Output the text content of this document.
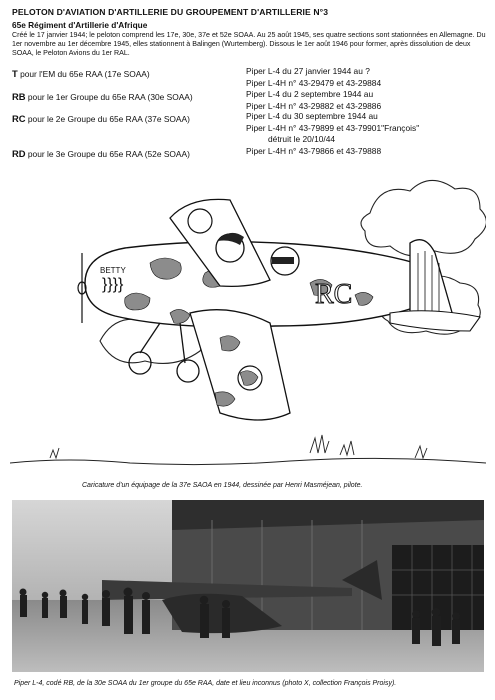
PELOTON D'AVIATION D'ARTILLERIE DU GROUPEMENT D'ARTILLERIE N°3
65e Régiment d'Artillerie d'Afrique
Créé le 17 janvier 1944; le peloton comprend les 17e, 30e, 37e et 52e SOAA. Au 25 août 1945, ses quatre sections sont stationnées en Allemagne. Du 1er novembre au 1er décembre 1945, elles stationnent à Balingen (Wurtemberg). Dissous le 1er août 1946 pour former, après dissolution de deux SOAA, le Peloton Avions du 1er RAL.
T pour l'EM du 65e RAA (17e SOAA)	Piper L-4 du 27 janvier 1944 au ?
Piper L-4H n° 43-29479 et 43-29884
RB pour le 1er Groupe du 65e RAA (30e SOAA)	Piper L-4 du 2 septembre 1944 au
Piper L-4H n° 43-29882 et 43-29886
RC pour le 2e Groupe du 65e RAA (37e SOAA)	Piper L-4 du 30 septembre 1944 au
Piper L-4H n° 43-79899 et 43-79901"François"
détruit le 20/10/44
RD pour le 3e Groupe du 65e RAA (52e SOAA)	Piper L-4H n° 43-79866 et 43-79888
BETTY
}}}}	RC
Caricature d'un équipage de la 37e SAOA en 1944, dessinée par Henri Masméjean, pilote.
Piper L-4, codé RB, de la 30e SOAA du 1er groupe du 65e RAA, date et lieu inconnus (photo X, collection François Proisy).
